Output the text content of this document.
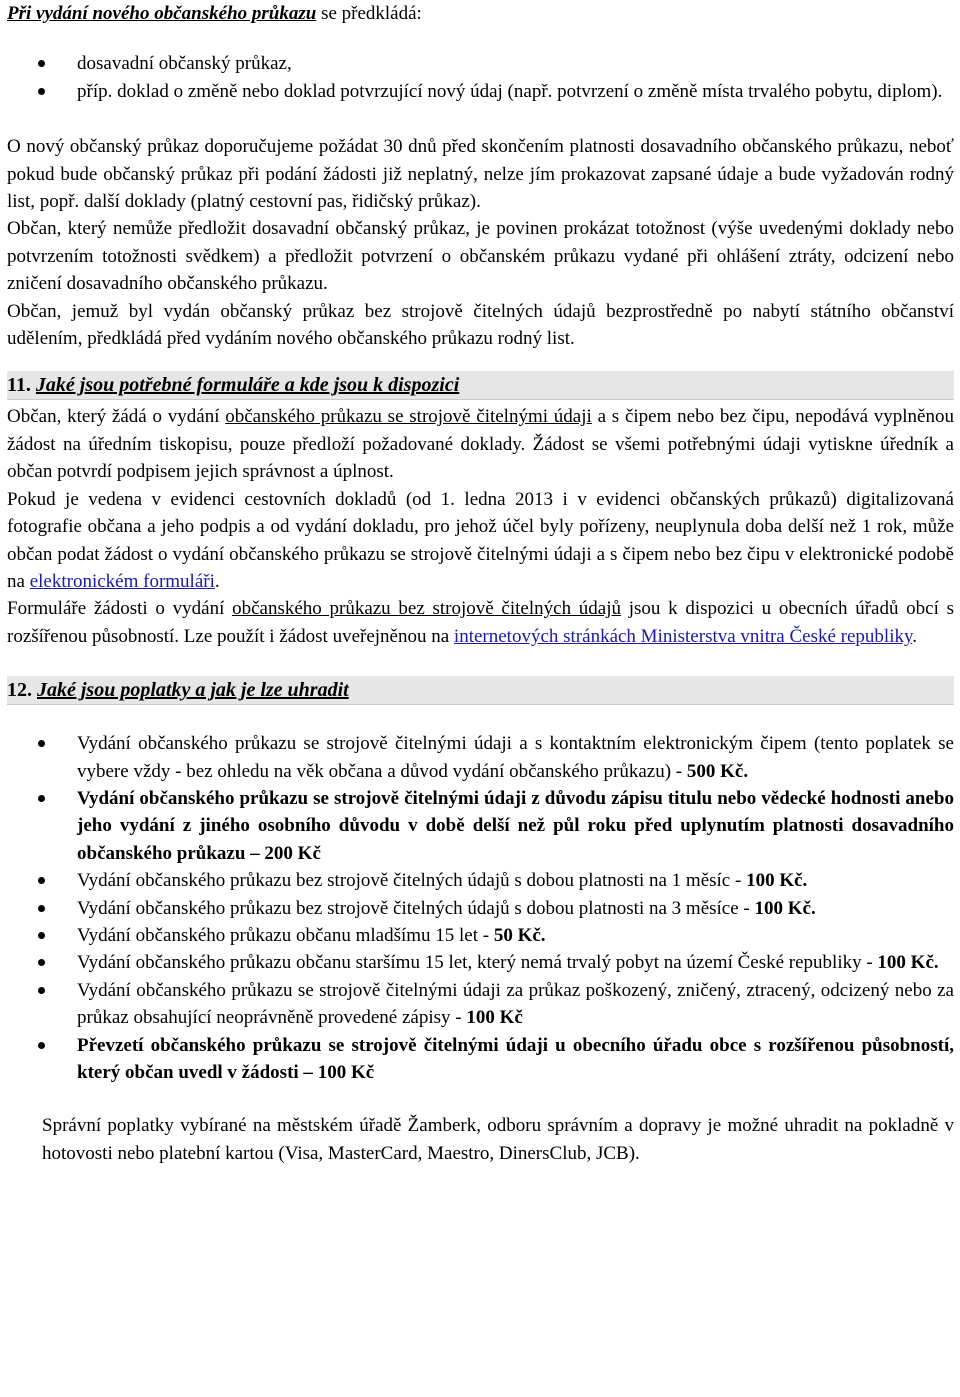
Při vydání nového občanského průkazu se předkládá:

dosavadní občanský průkaz,
příp. doklad o změně nebo doklad potvrzující nový údaj (např. potvrzení o změně místa trvalého pobytu, diplom).

O nový občanský průkaz doporučujeme požádat 30 dnů před skončením platnosti dosavadního občanského průkazu, neboť pokud bude občanský průkaz při podání žádosti již neplatný, nelze jím prokazovat zapsané údaje a bude vyžadován rodný list, popř. další doklady (platný cestovní pas, řidičský průkaz).

Občan, který nemůže předložit dosavadní občanský průkaz, je povinen prokázat totožnost (výše uvedenými doklady nebo potvrzením totožnosti svědkem) a předložit potvrzení o občanském průkazu vydané při ohlášení ztráty, odcizení nebo zničení dosavadního občanského průkazu.

Občan, jemuž byl vydán občanský průkaz bez strojově čitelných údajů bezprostředně po nabytí státního občanství udělením, předkládá před vydáním nového občanského průkazu rodný list.

11. Jaké jsou potřebné formuláře a kde jsou k dispozici

Občan, který žádá o vydání občanského průkazu se strojově čitelnými údaji a s čipem nebo bez čipu, nepodává vyplněnou žádost na úředním tiskopisu, pouze předloží požadované doklady. Žádost se všemi potřebnými údaji vytiskne úředník a občan potvrdí podpisem jejich správnost a úplnost.

Pokud je vedena v evidenci cestovních dokladů (od 1. ledna 2013 i v evidenci občanských průkazů) digitalizovaná fotografie občana a jeho podpis a od vydání dokladu, pro jehož účel byly pořízeny, neuplynula doba delší než 1 rok, může občan podat žádost o vydání občanského průkazu se strojově čitelnými údaji a s čipem nebo bez čipu v elektronické podobě na elektronickém formuláři.

Formuláře žádosti o vydání občanského průkazu bez strojově čitelných údajů jsou k dispozici u obecních úřadů obcí s rozšířenou působností. Lze použít i žádost uveřejněnou na internetových stránkách Ministerstva vnitra České republiky.

12. Jaké jsou poplatky a jak je lze uhradit
Vydání občanského průkazu se strojově čitelnými údaji a s kontaktním elektronickým čipem (tento poplatek se vybere vždy - bez ohledu na věk občana a důvod vydání občanského průkazu) - 500 Kč.
Vydání občanského průkazu se strojově čitelnými údaji z důvodu zápisu titulu nebo vědecké hodnosti anebo jeho vydání z jiného osobního důvodu v době delší než půl roku před uplynutím platnosti dosavadního občanského průkazu – 200 Kč
Vydání občanského průkazu bez strojově čitelných údajů s dobou platnosti na 1 měsíc - 100 Kč.
Vydání občanského průkazu bez strojově čitelných údajů s dobou platnosti na 3 měsíce - 100 Kč.
Vydání občanského průkazu občanu mladšímu 15 let - 50 Kč.
Vydání občanského průkazu občanu staršímu 15 let, který nemá trvalý pobyt na území České republiky - 100 Kč.
Vydání občanského průkazu se strojově čitelnými údaji za průkaz poškozený, zničený, ztracený, odcizený nebo za průkaz obsahující neoprávněně provedené zápisy - 100 Kč
Převzetí občanského průkazu se strojově čitelnými údaji u obecního úřadu obce s rozšířenou působností, který občan uvedl v žádosti – 100 Kč

Správní poplatky vybírané na městském úřadě Žamberk, odboru správním a dopravy je možné uhradit na pokladně v hotovosti nebo platební kartou (Visa, MasterCard, Maestro, DinersClub, JCB).
